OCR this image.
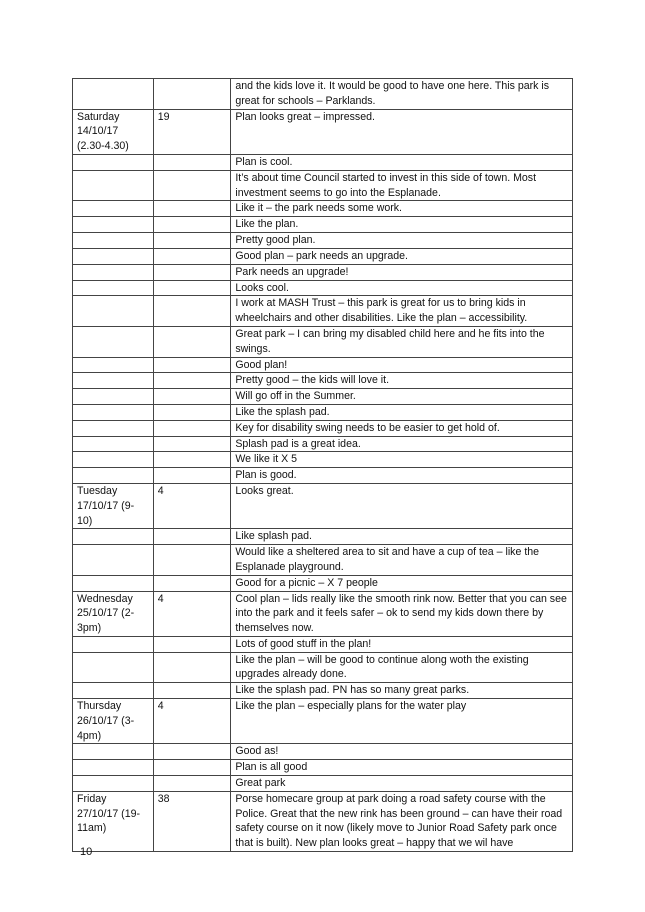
		and the kids love it. It would be good to have one here. This park is great for schools – Parklands.
Saturday 14/10/17 (2.30-4.30)	19	Plan looks great – impressed.
		Plan is cool.
		It’s about time Council started to invest in this side of town. Most investment seems to go into the Esplanade.
		Like it – the park needs some work.
		Like the plan.
		Pretty good plan.
		Good plan – park needs an upgrade.
		Park needs an upgrade!
		Looks cool.
		I work at MASH Trust – this park is great for us to bring kids in wheelchairs and other disabilities. Like the plan – accessibility.
		Great park – I can bring my disabled child here and he fits into the swings.
		Good plan!
		Pretty good – the kids will love it.
		Will go off in the Summer.
		Like the splash pad.
		Key for disability swing needs to be easier to get hold of.
		Splash pad is a great idea.
		We like it X 5
		Plan is good.
Tuesday 17/10/17 (9-10)	4	Looks great.
		Like splash pad.
		Would like a sheltered area to sit and have a cup of tea – like the Esplanade playground.
		Good for a picnic – X 7 people
Wednesday 25/10/17 (2-3pm)	4	Cool plan – lids really like the smooth rink now. Better that you can see into the park and it feels safer – ok to send my kids down there by themselves now.
		Lots of good stuff in the plan!
		Like the plan – will be good to continue along woth the existing upgrades already done.
		Like the splash pad. PN has so many great parks.
Thursday 26/10/17 (3-4pm)	4	Like the plan – especially plans for the water play
		Good as!
		Plan is all good
		Great park
Friday 27/10/17 (19-11am)	38	Porse homecare group at park doing a road safety course with the Police. Great that the new rink has been ground – can have their road safety course on it now (likely move to Junior Road Safety park once that is built). New plan looks great – happy that we wil have
10
